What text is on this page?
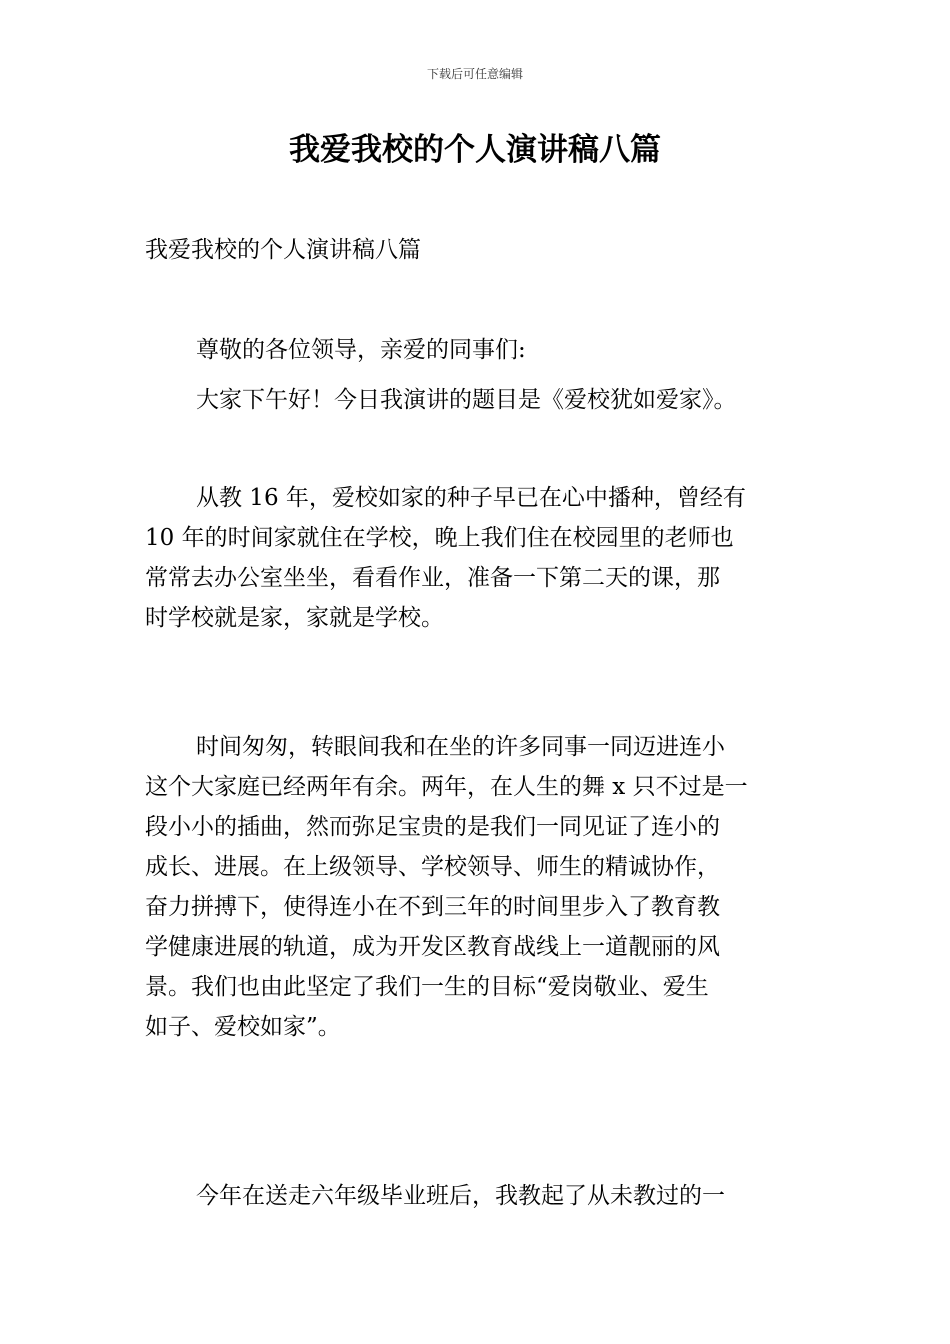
下载后可任意编辑
我爱我校的个人演讲稿八篇
我爱我校的个人演讲稿八篇
尊敬的各位领导，亲爱的同事们:
大家下午好！今日我演讲的题目是《爱校犹如爱家》。
从教 16 年，爱校如家的种子早已在心中播种，曾经有
10 年的时间家就住在学校，晚上我们住在校园里的老师也
常常去办公室坐坐，看看作业，准备一下第二天的课，那
时学校就是家，家就是学校。
时间匆匆，转眼间我和在坐的许多同事一同迈进连小
这个大家庭已经两年有余。两年，在人生的舞 x 只不过是一
段小小的插曲，然而弥足宝贵的是我们一同见证了连小的
成长、进展。在上级领导、学校领导、师生的精诚协作，
奋力拼搏下，使得连小在不到三年的时间里步入了教育教
学健康进展的轨道，成为开发区教育战线上一道靓丽的风
景。我们也由此坚定了我们一生的目标“爱岗敬业、爱生
如子、爱校如家”。
今年在送走六年级毕业班后，我教起了从未教过的一
